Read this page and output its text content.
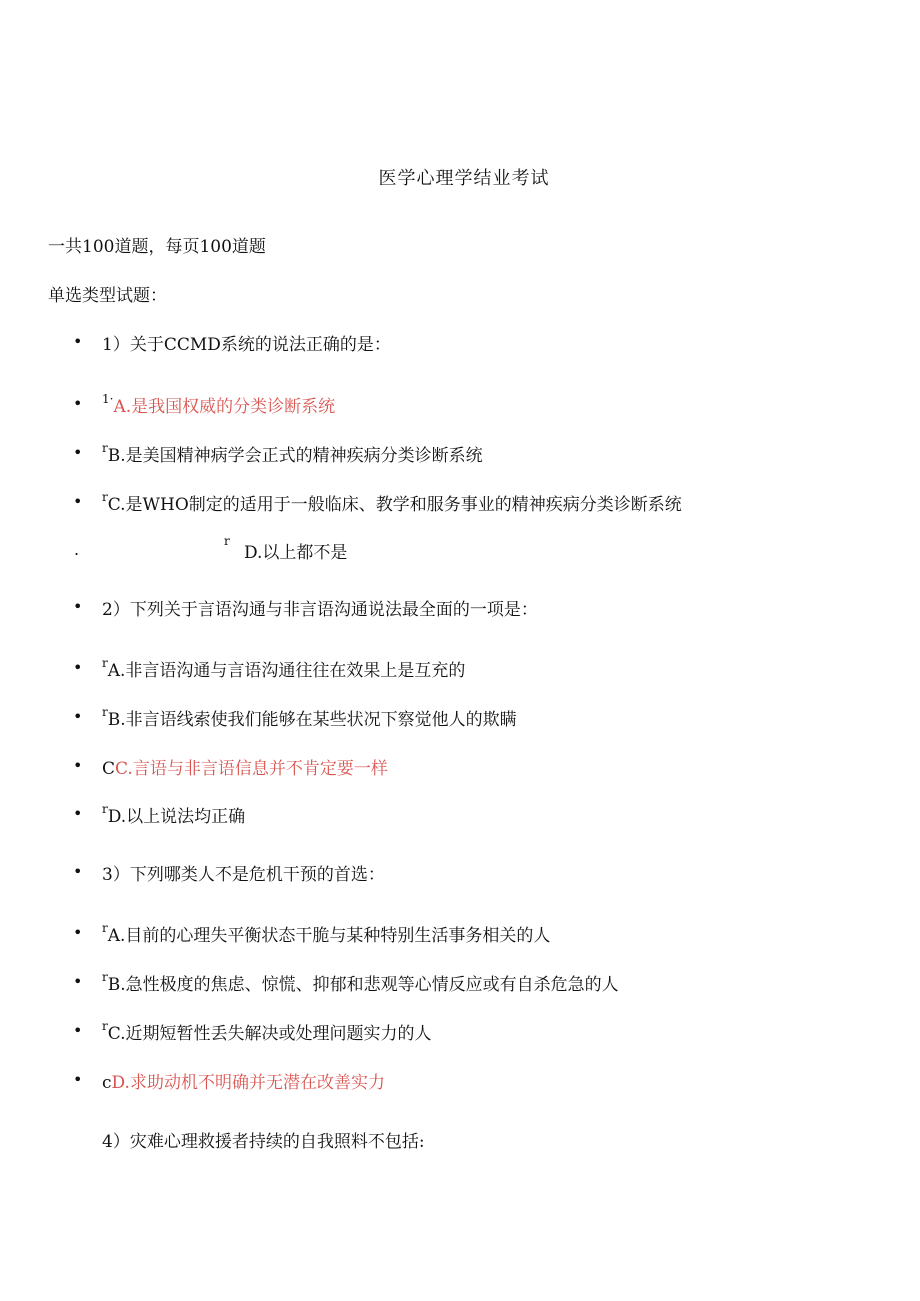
医学心理学结业考试
一共100道题，每页100道题
单选类型试题：
• 1）关于CCMD系统的说法正确的是：
• $^{1\cdot}$A.是我国权威的分类诊断系统
• $^r$B.是美国精神病学会正式的精神疾病分类诊断系统
• $^r$C.是WHO制定的适用于一般临床、教学和服务事业的精神疾病分类诊断系统
.	r
D.以上都不是
• 2）下列关于言语沟通与非言语沟通说法最全面的一项是：
• $^r$A.非言语沟通与言语沟通往往在效果上是互充的
• $^r$B.非言语线索使我们能够在某些状况下察觉他人的欺瞒
• CC.言语与非言语信息并不肯定要一样
• $^r$D.以上说法均正确
• 3）下列哪类人不是危机干预的首选：
• $^r$A.目前的心理失平衡状态干脆与某种特别生活事务相关的人
• $^r$B.急性极度的焦虑、惊慌、抑郁和悲观等心情反应或有自杀危急的人
• $^r$C.近期短暂性丢失解决或处理问题实力的人
• cD.求助动机不明确并无潜在改善实力
4）灾难心理救援者持续的自我照料不包括:
